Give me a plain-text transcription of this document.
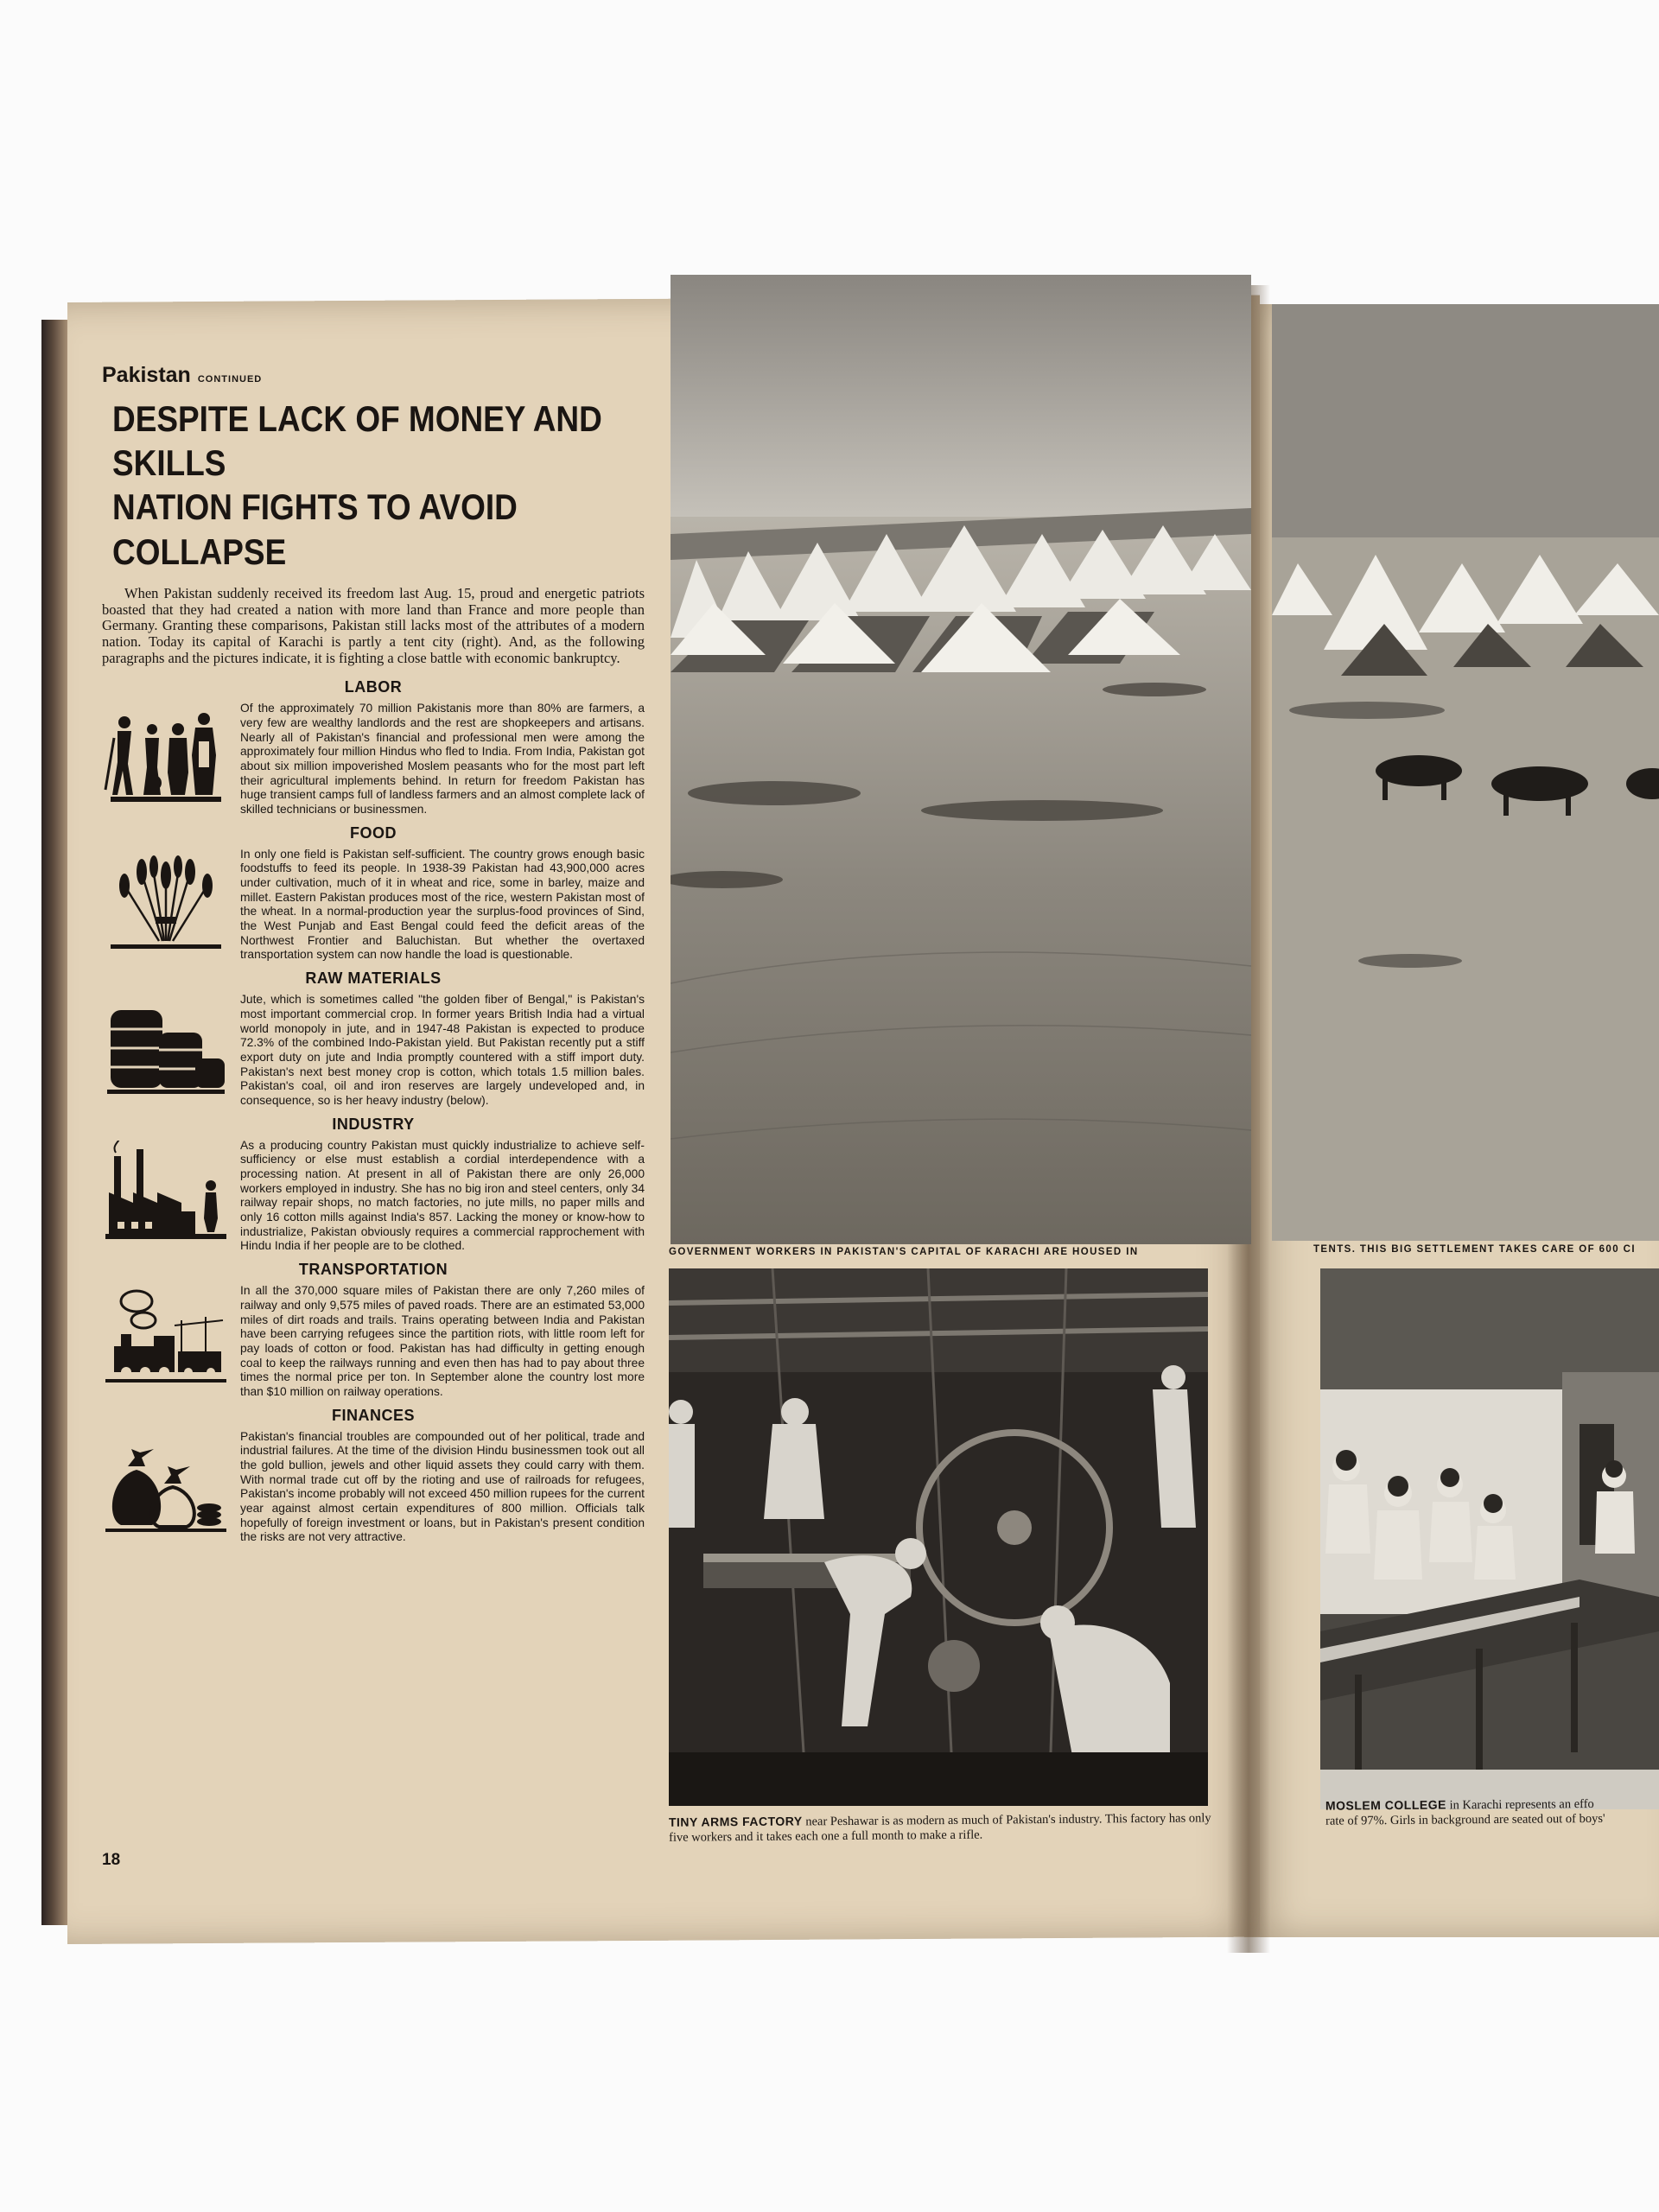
Pakistan CONTINUED
DESPITE LACK OF MONEY AND SKILLS
NATION FIGHTS TO AVOID COLLAPSE

When Pakistan suddenly received its freedom last Aug. 15, proud and energetic patriots boasted that they had created a nation with more land than France and more people than Germany. Granting these comparisons, Pakistan still lacks most of the attributes of a modern nation. Today its capital of Karachi is partly a tent city (right). And, as the following paragraphs and the pictures indicate, it is fighting a close battle with economic bankruptcy.

LABOR

Of the approximately 70 million Pakistanis more than 80% are farmers, a very few are wealthy landlords and the rest are shopkeepers and artisans. Nearly all of Pakistan's financial and professional men were among the approximately four million Hindus who fled to India. From India, Pakistan got about six million impoverished Moslem peasants who for the most part left their agricultural implements behind. In return for freedom Pakistan has huge transient camps full of landless farmers and an almost complete lack of skilled technicians or businessmen.

FOOD

In only one field is Pakistan self-sufficient. The country grows enough basic foodstuffs to feed its people. In 1938-39 Pakistan had 43,900,000 acres under cultivation, much of it in wheat and rice, some in barley, maize and millet. Eastern Pakistan produces most of the rice, western Pakistan most of the wheat. In a normal-production year the surplus-food provinces of Sind, the West Punjab and East Bengal could feed the deficit areas of the Northwest Frontier and Baluchistan. But whether the overtaxed transportation system can now handle the load is questionable.

RAW MATERIALS

Jute, which is sometimes called "the golden fiber of Bengal," is Pakistan's most important commercial crop. In former years British India had a virtual world monopoly in jute, and in 1947-48 Pakistan is expected to produce 72.3% of the combined Indo-Pakistan yield. But Pakistan recently put a stiff export duty on jute and India promptly countered with a stiff import duty. Pakistan's next best money crop is cotton, which totals 1.5 million bales. Pakistan's coal, oil and iron reserves are largely undeveloped and, in consequence, so is her heavy industry (below).

INDUSTRY

As a producing country Pakistan must quickly industrialize to achieve self-sufficiency or else must establish a cordial interdependence with a processing nation. At present in all of Pakistan there are only 26,000 workers employed in industry. She has no big iron and steel centers, only 34 railway repair shops, no match factories, no jute mills, no paper mills and only 16 cotton mills against India's 857. Lacking the money or know-how to industrialize, Pakistan obviously requires a commercial rapprochement with Hindu India if her people are to be clothed.

TRANSPORTATION

In all the 370,000 square miles of Pakistan there are only 7,260 miles of railway and only 9,575 miles of paved roads. There are an estimated 53,000 miles of dirt roads and trails. Trains operating between India and Pakistan have been carrying refugees since the partition riots, with little room left for pay loads of cotton or food. Pakistan has had difficulty in getting enough coal to keep the railways running and even then has had to pay about three times the normal price per ton. In September alone the country lost more than $10 million on railway operations.

FINANCES

Pakistan's financial troubles are compounded out of her political, trade and industrial failures. At the time of the division Hindu businessmen took out all the gold bullion, jewels and other liquid assets they could carry with them. With normal trade cut off by the rioting and use of railroads for refugees, Pakistan's income probably will not exceed 450 million rupees for the current year against almost certain expenditures of 800 million. Officials talk hopefully of foreign investment or loans, but in Pakistan's present condition the risks are not very attractive.

18
GOVERNMENT WORKERS IN PAKISTAN'S CAPITAL OF KARACHI ARE HOUSED IN	TENTS. THIS BIG SETTLEMENT TAKES CARE OF 600 CI
TINY ARMS FACTORY near Peshawar is as modern as much of Pakistan's industry. This factory has only five workers and it takes each one a full month to make a rifle.
MOSLEM COLLEGE in Karachi represents an effo
rate of 97%. Girls in background are seated out of boys'
